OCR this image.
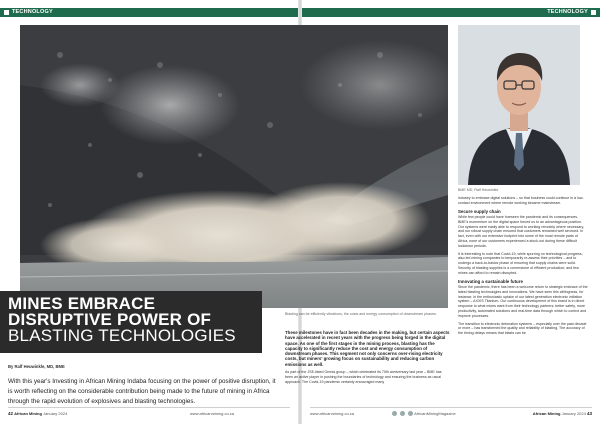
TECHNOLOGY	TECHNOLOGY
MINES EMBRACE
DISRUPTIVE POWER OF
BLASTING TECHNOLOGIES
Blasting can be efficiently vibrations, the costs and energy consumption of downstream phases.
By Ralf Heuwinkle, MD, BME
With this year's Investing in African Mining Indaba focusing on the power of positive disruption, it is worth reflecting on the considerable contribution being made to the future of mining in Africa through the rapid evolution of explosives and blasting technologies.

These milestones have in fact been decades in the making, but certain aspects have accelerated in recent years with the progress being forged in the digital space. As one of the first stages in the mining process, blasting has the capacity to significantly reduce the cost and energy consumption of downstream phases. This segment not only concerns over-rising electricity costs, but miners' growing focus on sustainability and reducing carbon emissions as well.

As part of the JSE-listed Omnia group – which celebrated its 70th anniversary last year – BME has been an active player in pushing the boundaries of technology and ensuring the business as usual approach. The Covid-19 pandemic certainly encouraged many

BME MD, Ralf Heuwinkle

industry to embrace digital solutions – so that business could continue in a low-contact environment where remote working became mainstream.

Secure supply chain

While few people could have foreseen the pandemic and its consequences, BME's momentum on the digital space forced us to an advantageous position. Our systems were easily able to respond to working remotely where necessary, and our robust supply chain ensured that customers remained well serviced. In fact, even with our extensive footprint into some of the most remote parts of Africa, none of our customers experienced a stock-out during these difficult lockdown periods.

It is interesting to note that Covid-19, while spurring on technological progress, also led mining companies to temporarily re-assess their priorities – and to undergo a back-to-basics phase of ensuring that supply chains were solid. Security of blasting supplies is a cornerstone of efficient production; and few mines can afford to remain disrupted.

Innovating a sustainable future

Since the pandemic, there has been a welcome return to strategic embrace of the latest blasting technologies and innovations. We have seen this willingness, for instance, in the enthusiastic uptake of our latest generation electronic initiation system – AXXIS Titanium. Our continuous development of this brand is in direct response to what mines want from their technology partners: better safety, more productivity, automated solutions and real-time data through which to control and improve processes.

The transition to electronic detonation systems – especially over the past decade or more – has transformed the quality and reliability of blasting. The accuracy of the timing delays means that blasts can be

42 African Mining January 2024	www.africanmining.co.za	www.africanmining.co.za	AfricanMiningMagazine	African Mining January 2024 43
